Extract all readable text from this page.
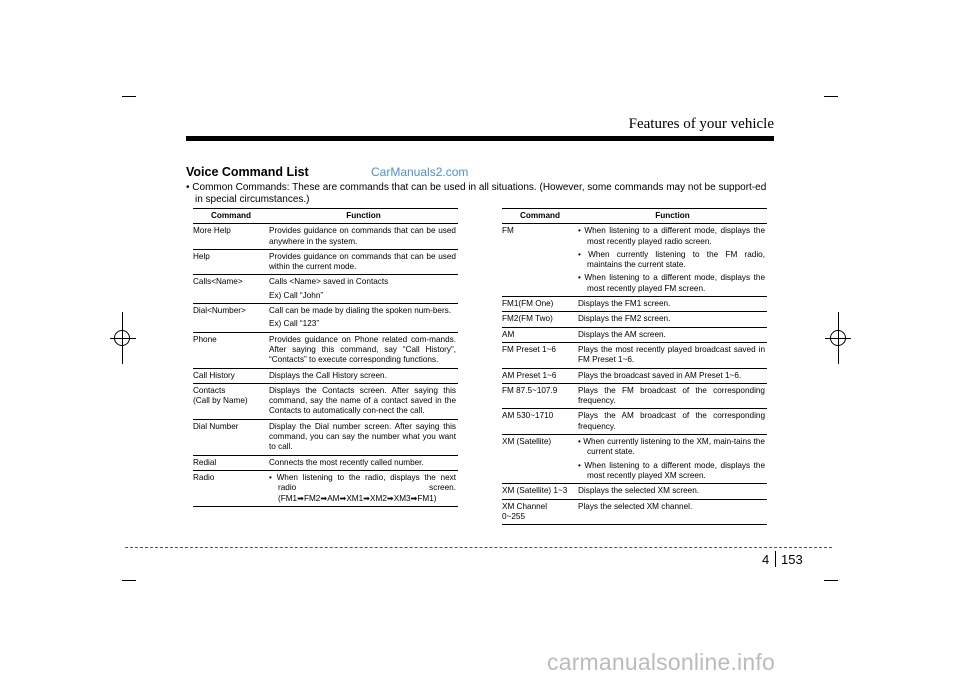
Features of your vehicle
Voice Command List	CarManuals2.com
• Common Commands: These are commands that can be used in all situations. (However, some commands may not be support-ed in special circumstances.)
Command	Function
More Help	Provides guidance on commands that can be used anywhere in the system.

Help	Provides guidance on commands that can be used within the current mode.

Calls<Name>	Calls <Name> saved in Contacts
Ex) Call “John”

Dial<Number>	Call can be made by dialing the spoken num-bers.
Ex) Call “123”

Phone	Provides guidance on Phone related com-mands. After saying this command, say “Call History”, “Contacts” to execute corresponding functions.

Call History	Displays the Call History screen.

Contacts
(Call by Name)	Displays the Contacts screen. After saying this command, say the name of a contact saved in the Contacts to automatically con-nect the call.

Dial Number	Display the Dial number screen. After saying this command, you can say the number what you want to call.

Redial	Connects the most recently called number.

Radio	• When listening to the radio, displays the next radio screen. (FM1➡FM2➡AM➡XM1➡XM2➡XM3➡FM1)
Command	Function
FM	• When listening to a different mode, displays the most recently played radio screen.
• When currently listening to the FM radio, maintains the current state.
• When listening to a different mode, displays the most recently played FM screen.

FM1(FM One)	Displays the FM1 screen.

FM2(FM Two)	Displays the FM2 screen.

AM	Displays the AM screen.

FM Preset 1~6	Plays the most recently played broadcast saved in FM Preset 1~6.

AM Preset 1~6	Plays the broadcast saved in AM Preset 1~6.

FM 87.5~107.9	Plays the FM broadcast of the corresponding frequency.

AM 530~1710	Plays the AM broadcast of the corresponding frequency.

XM (Satellite)	• When currently listening to the XM, main-tains the current state.
• When listening to a different mode, displays the most recently played XM screen.

XM (Satellite) 1~3	Displays the selected XM screen.

XM Channel
0~255	Plays the selected XM channel.
4 153
carmanualsonline.info
